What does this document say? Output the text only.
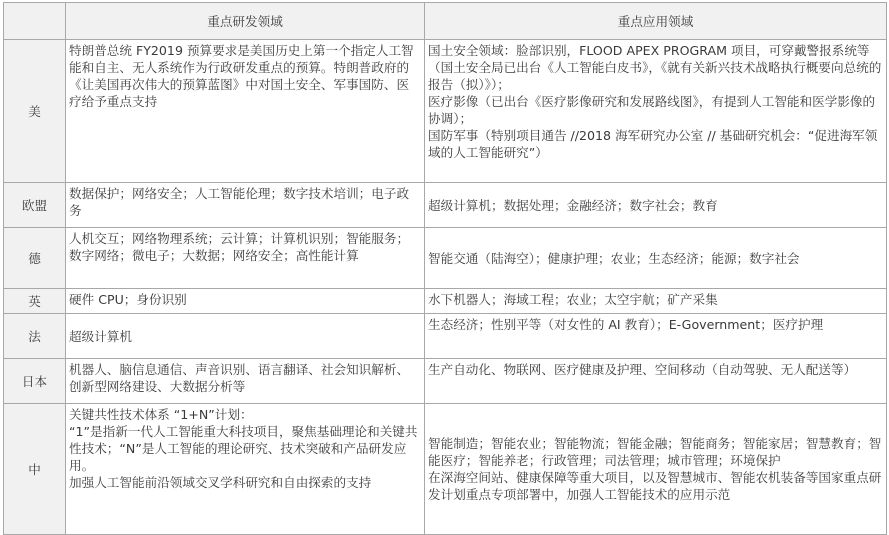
	重点研发领域	重点应用领域
美	特朗普总统 FY2019 预算要求是美国历史上第一个指定人工智能和自主、无人系统作为行政研发重点的预算。特朗普政府的《让美国再次伟大的预算蓝图》中对国土安全、军事国防、医疗给予重点支持	国土安全领域：脸部识别，FLOOD APEX PROGRAM 项目，可穿戴警报系统等（国土安全局已出台《人工智能白皮书》，《就有关新兴技术战略执行概要向总统的报告（拟）》）；
医疗影像（已出台《医疗影像研究和发展路线图》，有提到人工智能和医学影像的协调）；
国防军事（特别项目通告 //2018 海军研究办公室 // 基础研究机会：“促进海军领域的人工智能研究”）

欧盟	数据保护；网络安全；人工智能伦理；数字技术培训；电子政务	超级计算机；数据处理；金融经济；数字社会；教育
德	人机交互；网络物理系统；云计算；计算机识别；智能服务；数字网络；微电子；大数据；网络安全；高性能计算	智能交通（陆海空）；健康护理；农业；生态经济；能源；数字社会
英	硬件 CPU；身份识别	水下机器人；海域工程；农业；太空宇航；矿产采集
法	超级计算机	生态经济；性别平等（对女性的 AI 教育）；E-Government；医疗护理
日本	机器人、脑信息通信、声音识别、语言翻译、社会知识解析、创新型网络建设、大数据分析等	生产自动化、物联网、医疗健康及护理、空间移动（自动驾驶、无人配送等）
中	关键共性技术体系 “1+N”计划：
“1”是指新一代人工智能重大科技项目，聚焦基础理论和关键共性技术；“N”是人工智能的理论研究、技术突破和产品研发应用。
加强人工智能前沿领域交叉学科研究和自由探索的支持	智能制造；智能农业；智能物流；智能金融；智能商务；智能家居；智慧教育；智能医疗；智能养老；行政管理；司法管理；城市管理；环境保护
在深海空间站、健康保障等重大项目，以及智慧城市、智能农机装备等国家重点研发计划重点专项部署中，加强人工智能技术的应用示范
